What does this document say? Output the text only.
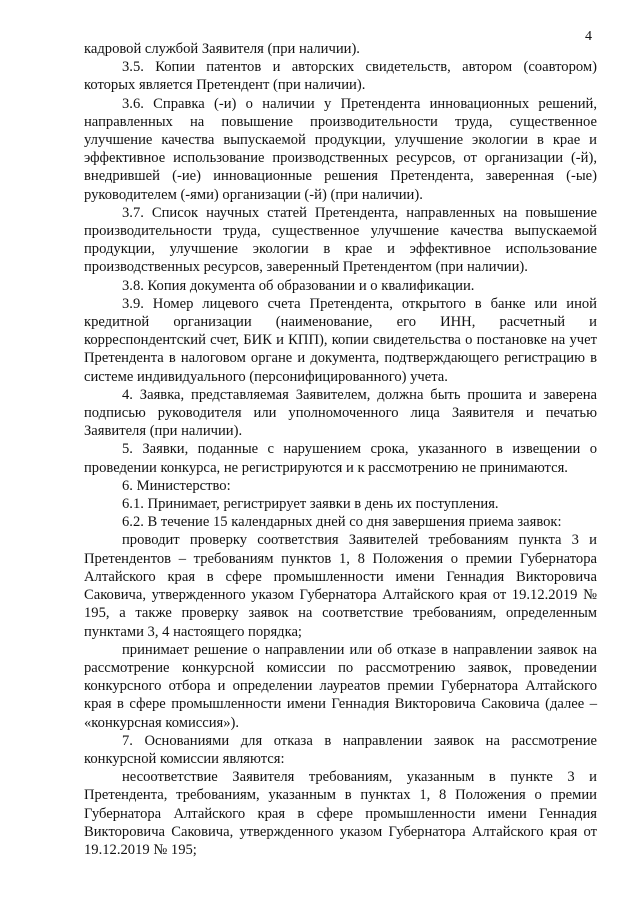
4

кадровой службой Заявителя (при наличии).

3.5. Копии патентов и авторских свидетельств, автором (соавтором) которых является Претендент (при наличии).

3.6. Справка (-и) о наличии у Претендента инновационных решений, направленных на повышение производительности труда, существенное улучшение качества выпускаемой продукции, улучшение экологии в крае и эффективное использование производственных ресурсов, от организации (-й), внедрившей (-ие) инновационные решения Претендента, заверенная (-ые) руководителем (-ями) организации (-й) (при наличии).

3.7. Список научных статей Претендента, направленных на повышение производительности труда, существенное улучшение качества выпускаемой продукции, улучшение экологии в крае и эффективное использование производственных ресурсов, заверенный Претендентом (при наличии).

3.8. Копия документа об образовании и о квалификации.

3.9. Номер лицевого счета Претендента, открытого в банке или иной кредитной организации (наименование, его ИНН, расчетный и корреспондентский счет, БИК и КПП), копии свидетельства о постановке на учет Претендента в налоговом органе и документа, подтверждающего регистрацию в системе индивидуального (персонифицированного) учета.

4. Заявка, представляемая Заявителем, должна быть прошита и заверена подписью руководителя или уполномоченного лица Заявителя и печатью Заявителя (при наличии).

5. Заявки, поданные с нарушением срока, указанного в извещении о проведении конкурса, не регистрируются и к рассмотрению не принимаются.

6. Министерство:

6.1. Принимает, регистрирует заявки в день их поступления.

6.2. В течение 15 календарных дней со дня завершения приема заявок:

проводит проверку соответствия Заявителей требованиям пункта 3 и Претендентов – требованиям пунктов 1, 8 Положения о премии Губернатора Алтайского края в сфере промышленности имени Геннадия Викторовича Саковича, утвержденного указом Губернатора Алтайского края от 19.12.2019 № 195, а также проверку заявок на соответствие требованиям, определенным пунктами 3, 4 настоящего порядка;

принимает решение о направлении или об отказе в направлении заявок на рассмотрение конкурсной комиссии по рассмотрению заявок, проведении конкурсного отбора и определении лауреатов премии Губернатора Алтайского края в сфере промышленности имени Геннадия Викторовича Саковича (далее – «конкурсная комиссия»).

7. Основаниями для отказа в направлении заявок на рассмотрение конкурсной комиссии являются:

несоответствие Заявителя требованиям, указанным в пункте 3 и Претендента, требованиям, указанным в пунктах 1, 8 Положения о премии Губернатора Алтайского края в сфере промышленности имени Геннадия Викторовича Саковича, утвержденного указом Губернатора Алтайского края от 19.12.2019 № 195;
